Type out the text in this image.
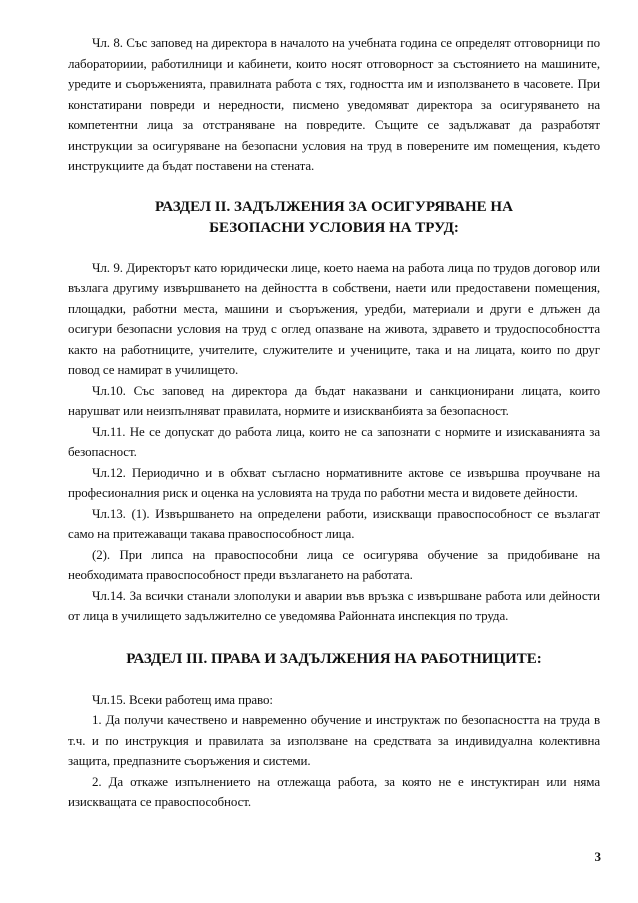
Чл. 8. Със заповед на директора в началото на учебната година се определят отговорници по лабораториии, работилници и кабинети, които носят отговорност за състоянието на машините, уредите и съоръженията, правилната работа с тях, годността им и използването в часовете. При констатирани повреди и нередности, писмено уведомяват директора за осигуряването на компетентни лица за отстраняване на повредите. Същите се задължават да разработят инструкции за осигуряване на безопасни условия на труд в поверените им помещения, където инструкциите да бъдат поставени на стената.

РАЗДЕЛ II. ЗАДЪЛЖЕНИЯ ЗА ОСИГУРЯВАНЕ НА БЕЗОПАСНИ УСЛОВИЯ НА ТРУД:

Чл. 9. Директорът като юридически лице, което наема на работа лица по трудов договор или възлага другиму извършването на дейността в собствени, наети или предоставени помещения, площадки, работни места, машини и съоръжения, уредби, материали и други е длъжен да осигури безопасни условия на труд с оглед опазване на живота, здравето и трудоспособността както на работниците, учителите, служителите и учениците, така и на лицата, които по друг повод се намират в училището.

Чл.10. Със заповед на директора да бъдат наказвани и санкционирани лицата, които нарушват или неизпълняват правилата, нормите и изискванбията за безопасност.

Чл.11. Не се допускат до работа лица, които не са запознати с нормите и изискаванията за безопасност.

Чл.12. Периодично и в обхват съгласно нормативните актове се извършва проучване на професионалния риск и оценка на условията на труда по работни места и видовете дейности.

Чл.13. (1). Извършването на определени работи, изискващи правоспособност се възлагат само на притежаващи такава правоспособност лица.

(2). При липса на правоспособни лица се осигурява обучение за придобиване на необходимата правоспособност преди възлагането на работата.

Чл.14. За всички станали злополуки и аварии във връзка с извършване работа или дейности от лица в училището задължително се уведомява Районната инспекция по труда.

РАЗДЕЛ III. ПРАВА И ЗАДЪЛЖЕНИЯ НА РАБОТНИЦИТЕ:

Чл.15. Всеки работещ има право:

1. Да получи качествено и навременно обучение и инструктаж по безопасността на труда в т.ч. и по инструкция и правилата за използване на средствата за индивидуална колективна защита, предпазните съоръжения и системи.

2. Да откаже изпълнението на отлежаща работа, за която не е инстуктиран или няма изискващата се правоспособност.

3
